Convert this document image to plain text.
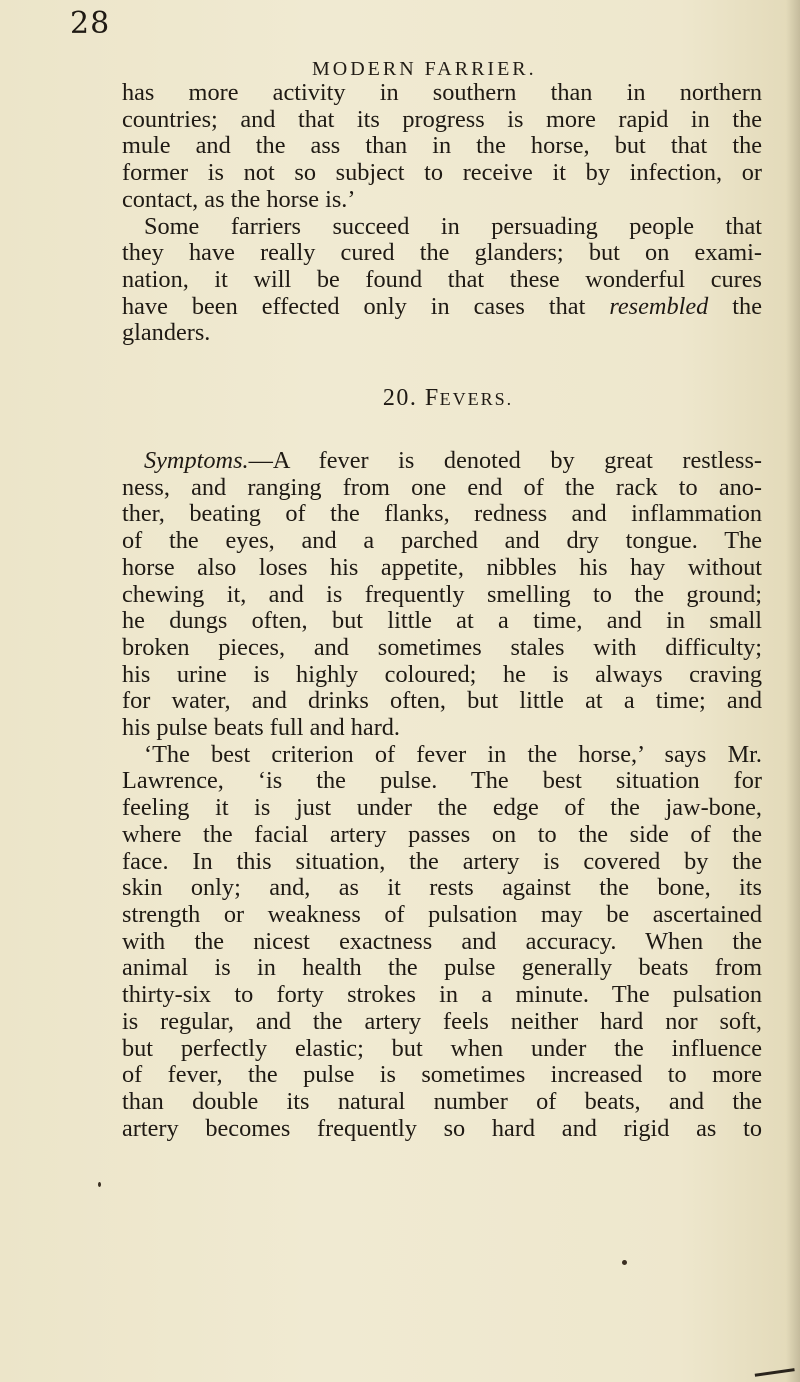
28
MODERN FARRIER.

has more activity in southern than in northern
countries; and that its progress is more rapid in the
mule and the ass than in the horse, but that the
former is not so subject to receive it by infection, or
contact, as the horse is.’

Some farriers succeed in persuading people that
they have really cured the glanders; but on exami-
nation, it will be found that these wonderful cures
have been effected only in cases that resembled the
glanders.

20. FEVERS.

Symptoms.—A fever is denoted by great restless-
ness, and ranging from one end of the rack to ano-
ther, beating of the flanks, redness and inflammation
of the eyes, and a parched and dry tongue. The
horse also loses his appetite, nibbles his hay without
chewing it, and is frequently smelling to the ground;
he dungs often, but little at a time, and in small
broken pieces, and sometimes stales with difficulty;
his urine is highly coloured; he is always craving
for water, and drinks often, but little at a time; and
his pulse beats full and hard.

‘The best criterion of fever in the horse,’ says Mr.
Lawrence, ‘is the pulse. The best situation for
feeling it is just under the edge of the jaw-bone,
where the facial artery passes on to the side of the
face. In this situation, the artery is covered by the
skin only; and, as it rests against the bone, its
strength or weakness of pulsation may be ascertained
with the nicest exactness and accuracy. When the
animal is in health the pulse generally beats from
thirty-six to forty strokes in a minute. The pulsation
is regular, and the artery feels neither hard nor soft,
but perfectly elastic; but when under the influence
of fever, the pulse is sometimes increased to more
than double its natural number of beats, and the
artery becomes frequently so hard and rigid as to
